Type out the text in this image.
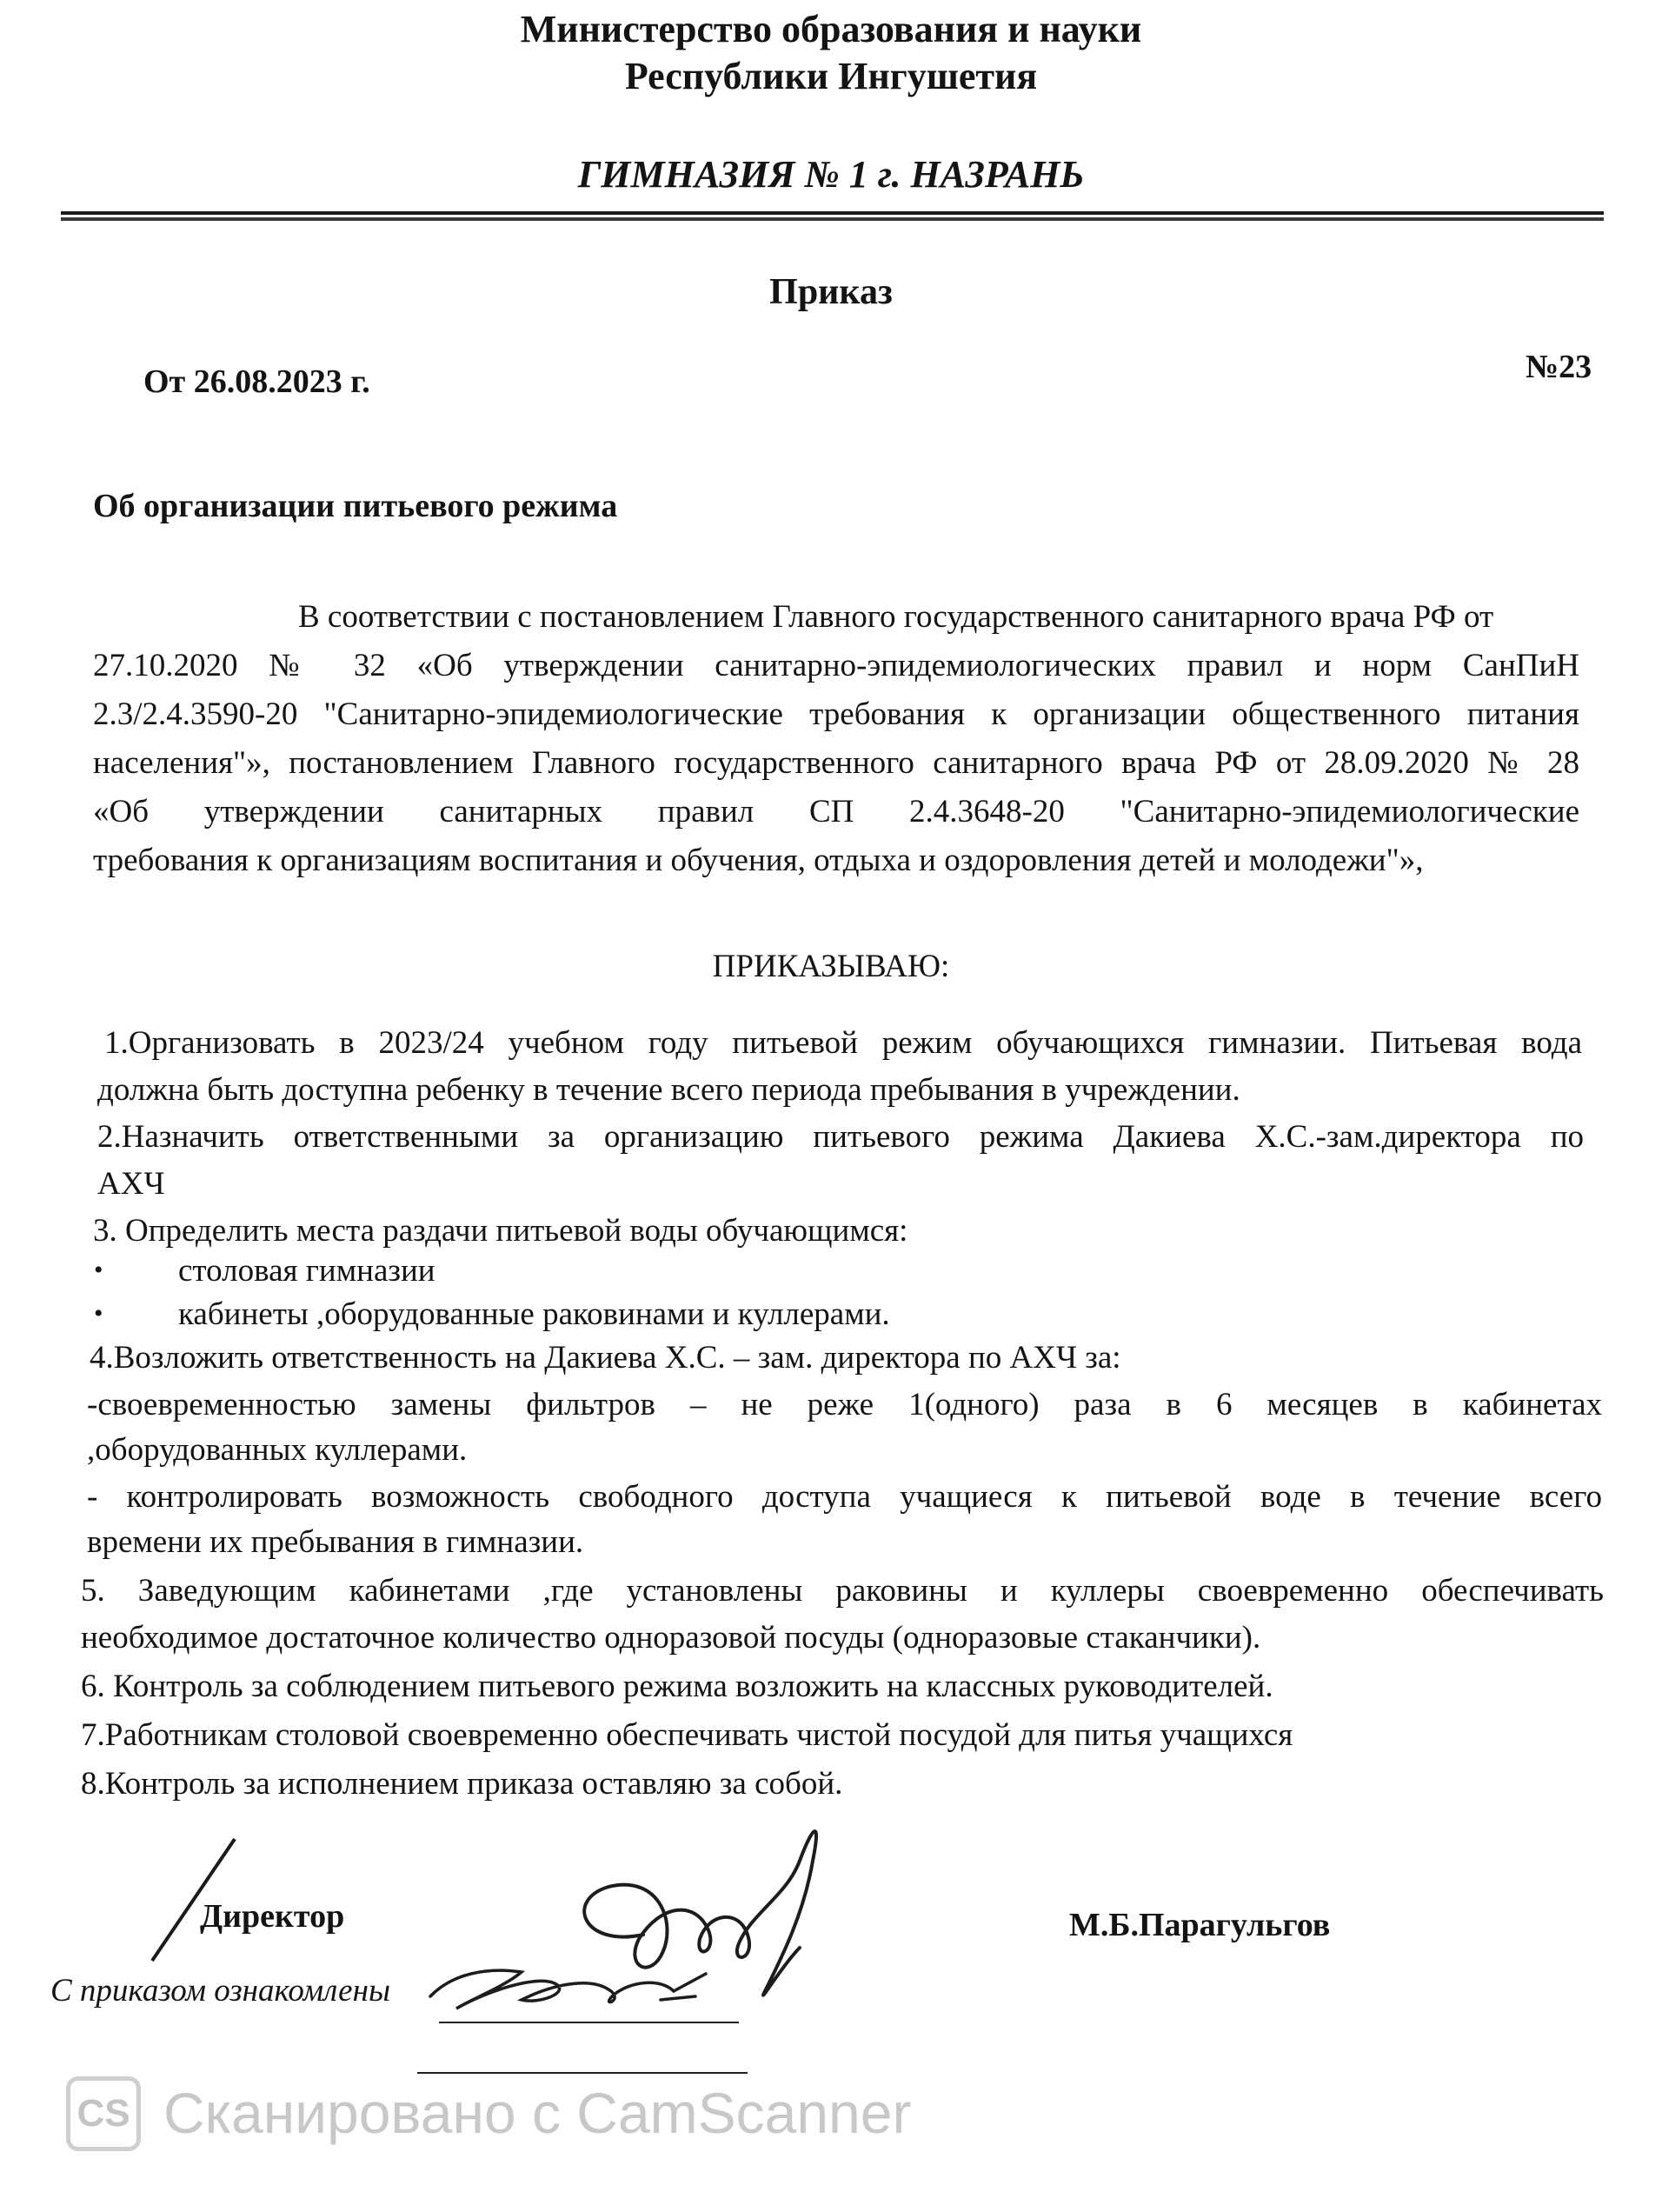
Министерство образования и науки
Республики Ингушетия
ГИМНАЗИЯ № 1 г. НАЗРАНЬ
Приказ
От 26.08.2023 г.	№23
Об организации питьевого режима
В соответствии с постановлением Главного государственного санитарного врача РФ от
27.10.2020 № 32 «Об утверждении санитарно-эпидемиологических правил и норм СанПиН
2.3/2.4.3590-20 "Санитарно-эпидемиологические требования к организации общественного питания
населения"», постановлением Главного государственного санитарного врача РФ от 28.09.2020 № 28
«Об утверждении санитарных правил СП 2.4.3648-20 "Санитарно-эпидемиологические
требования к организациям воспитания и обучения, отдыха и оздоровления детей и молодежи"»,
ПРИКАЗЫВАЮ:
1.Организовать в 2023/24 учебном году питьевой режим обучающихся гимназии. Питьевая вода
должна быть доступна ребенку в течение всего периода пребывания в учреждении.
2.Назначить ответственными за организацию питьевого режима Дакиева Х.С.-зам.директора по
АХЧ
3. Определить места раздачи питьевой воды обучающимся:
• столовая гимназии
• кабинеты ,оборудованные раковинами и куллерами.
4.Возложить ответственность на Дакиева Х.С. – зам. директора по АХЧ за:
-своевременностью замены фильтров – не реже 1(одного) раза в 6 месяцев в кабинетах
,оборудованных куллерами.
- контролировать возможность свободного доступа учащиеся к питьевой воде в течение всего
времени их пребывания в гимназии.
5. Заведующим кабинетами ,где установлены раковины и куллеры своевременно обеспечивать
необходимое достаточное количество одноразовой посуды (одноразовые стаканчики).
6. Контроль за соблюдением питьевого режима возложить на классных руководителей.
7.Работникам столовой своевременно обеспечивать чистой посудой для питья учащихся
8.Контроль за исполнением приказа оставляю за собой.
Директор	М.Б.Парагульгов
С приказом ознакомлены
CS Сканировано с CamScanner
